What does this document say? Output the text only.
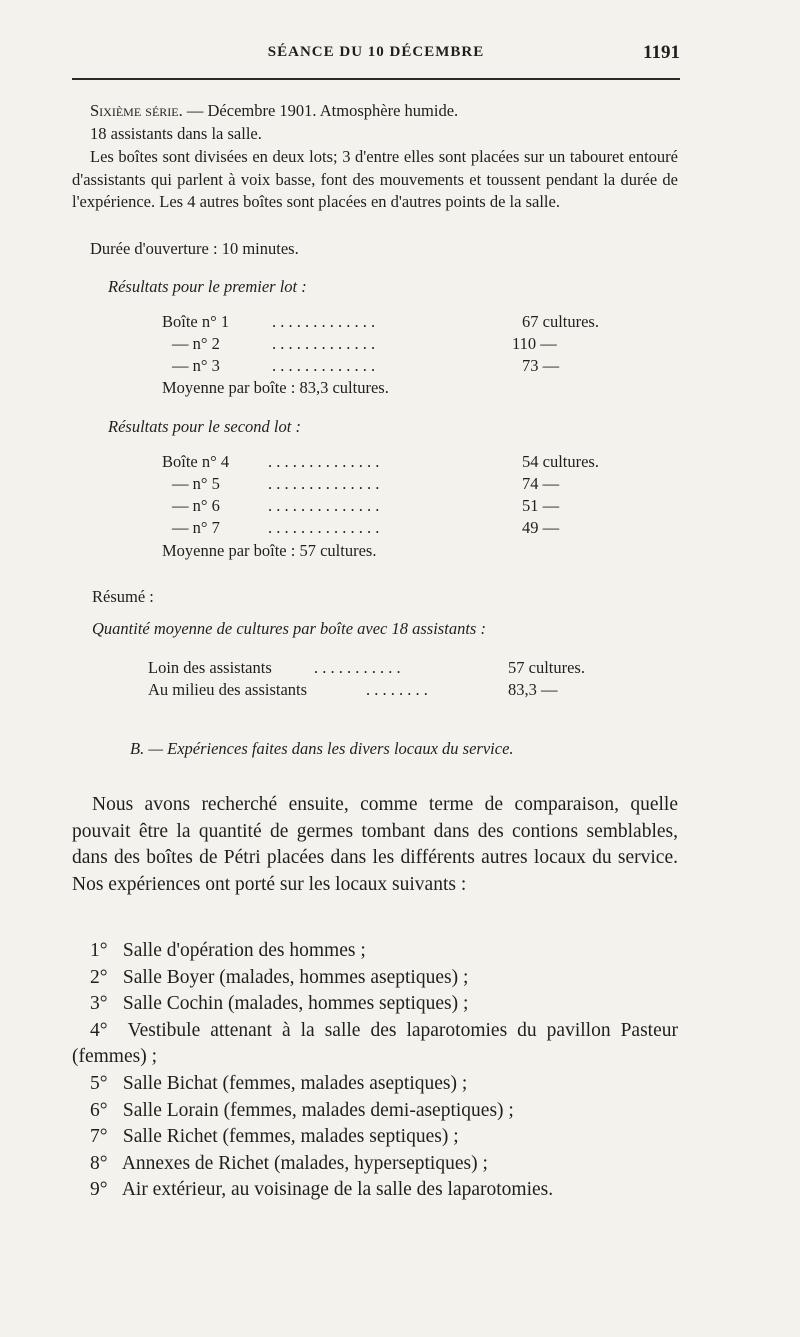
SÉANCE DU 10 DÉCEMBRE	1191
Sixième série. — Décembre 1901. Atmosphère humide.
18 assistants dans la salle.
Les boîtes sont divisées en deux lots; 3 d'entre elles sont placées sur un tabouret entouré d'assistants qui parlent à voix basse, font des mouvements et toussent pendant la durée de l'expérience. Les 4 autres boîtes sont placées en d'autres points de la salle.
Durée d'ouverture : 10 minutes.
Résultats pour le premier lot :
Boîte n° 1	. . . . . . . . . . . . .	67 cultures.
— n° 2	. . . . . . . . . . . . .	110 —
— n° 3	. . . . . . . . . . . . .	73 —
Moyenne par boîte : 83,3 cultures.
Résultats pour le second lot :
Boîte n° 4 . . . . . . . . . . . . . .	54 cultures.
— n° 5	. . . . . . . . . . . . . .	74 —
— n° 6	. . . . . . . . . . . . . .	51 —
— n° 7	. . . . . . . . . . . . . .	49 —
Moyenne par boîte : 57 cultures.
Résumé :
Quantité moyenne de cultures par boîte avec 18 assistants :
Loin des assistants	. . . . . . . . . . .	57 cultures.
Au milieu des assistants	. . . . . . . .	83,3 —
B. — Expériences faites dans les divers locaux du service.
Nous avons recherché ensuite, comme terme de comparaison, quelle pouvait être la quantité de germes tombant dans des contions semblables, dans des boîtes de Pétri placées dans les différents autres locaux du service. Nos expériences ont porté sur les locaux suivants :
1° Salle d'opération des hommes ;
2° Salle Boyer (malades, hommes aseptiques) ;
3° Salle Cochin (malades, hommes septiques) ;
4° Vestibule attenant à la salle des laparotomies du pavillon Pasteur (femmes) ;
5° Salle Bichat (femmes, malades aseptiques) ;
6° Salle Lorain (femmes, malades demi-aseptiques) ;
7° Salle Richet (femmes, malades septiques) ;
8° Annexes de Richet (malades, hyperseptiques) ;
9° Air extérieur, au voisinage de la salle des laparotomies.
